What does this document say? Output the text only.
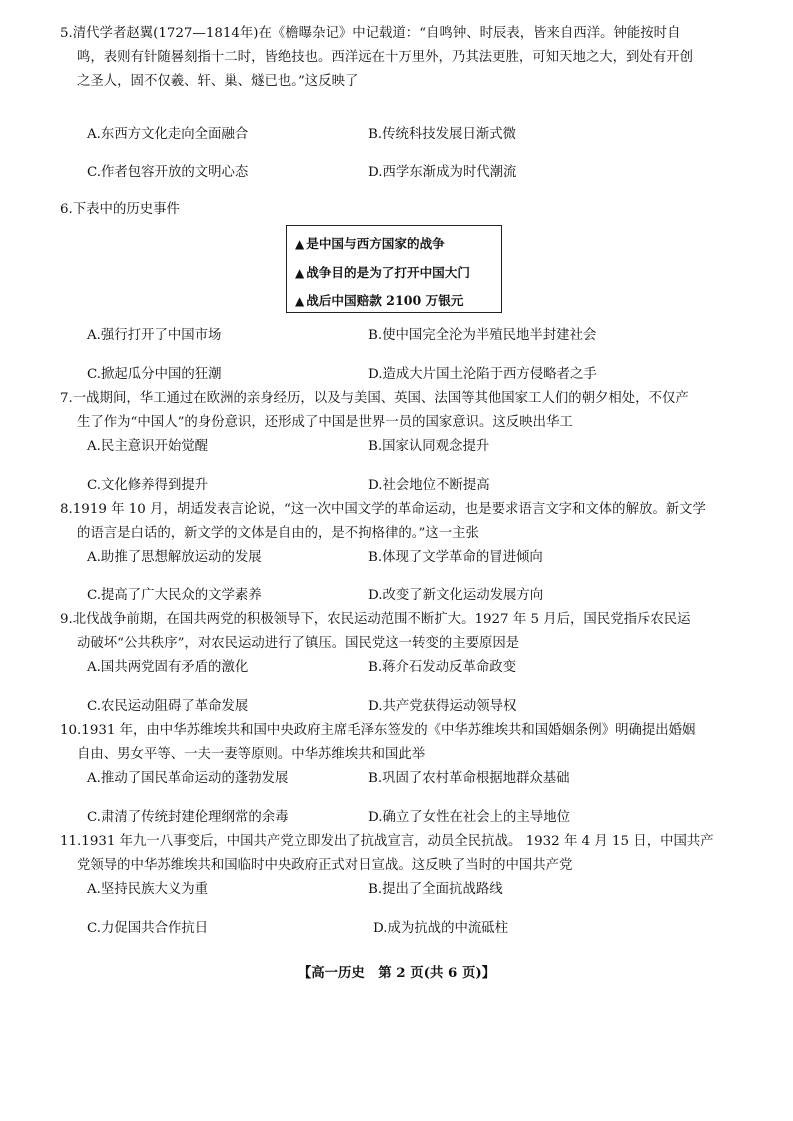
5.清代学者赵翼(1727—1814年)在《檐曝杂记》中记载道：“自鸣钟、时辰表，皆来自西洋。钟能按时自
鸣，表则有针随晷刻指十二时，皆绝技也。西洋远在十万里外，乃其法更胜，可知天地之大，到处有开创
之圣人，固不仅羲、轩、巢、燧已也。”这反映了
A.东西方文化走向全面融合	B.传统科技发展日渐式微
C.作者包容开放的文明心态	D.西学东渐成为时代潮流
6.下表中的历史事件
▲ 是中国与西方国家的战争
▲ 战争目的是为了打开中国大门
▲ 战后中国赔款 2100 万银元
A.强行打开了中国市场	B.使中国完全沦为半殖民地半封建社会
C.掀起瓜分中国的狂潮	D.造成大片国土沦陷于西方侵略者之手
7.一战期间，华工通过在欧洲的亲身经历，以及与美国、英国、法国等其他国家工人们的朝夕相处，不仅产
生了作为“中国人”的身份意识，还形成了中国是世界一员的国家意识。这反映出华工
A.民主意识开始觉醒	B.国家认同观念提升
C.文化修养得到提升	D.社会地位不断提高
8.1919 年 10 月，胡适发表言论说，“这一次中国文学的革命运动，也是要求语言文字和文体的解放。新文学
的语言是白话的，新文学的文体是自由的，是不拘格律的。”这一主张
A.助推了思想解放运动的发展	B.体现了文学革命的冒进倾向
C.提高了广大民众的文学素养	D.改变了新文化运动发展方向
9.北伐战争前期，在国共两党的积极领导下，农民运动范围不断扩大。1927 年 5 月后，国民党指斥农民运
动破坏“公共秩序”，对农民运动进行了镇压。国民党这一转变的主要原因是
A.国共两党固有矛盾的激化	B.蒋介石发动反革命政变
C.农民运动阻碍了革命发展	D.共产党获得运动领导权
10.1931 年，由中华苏维埃共和国中央政府主席毛泽东签发的《中华苏维埃共和国婚姻条例》明确提出婚姻
自由、男女平等、一夫一妻等原则。中华苏维埃共和国此举
A.推动了国民革命运动的蓬勃发展	B.巩固了农村革命根据地群众基础
C.肃清了传统封建伦理纲常的余毒	D.确立了女性在社会上的主导地位
11.1931 年九一八事变后，中国共产党立即发出了抗战宣言，动员全民抗战。 1932 年 4 月 15 日，中国共产
党领导的中华苏维埃共和国临时中央政府正式对日宣战。这反映了当时的中国共产党
A.坚持民族大义为重	B.提出了全面抗战路线
C.力促国共合作抗日	D.成为抗战的中流砥柱
【高一历史　第 2 页(共 6 页)】
